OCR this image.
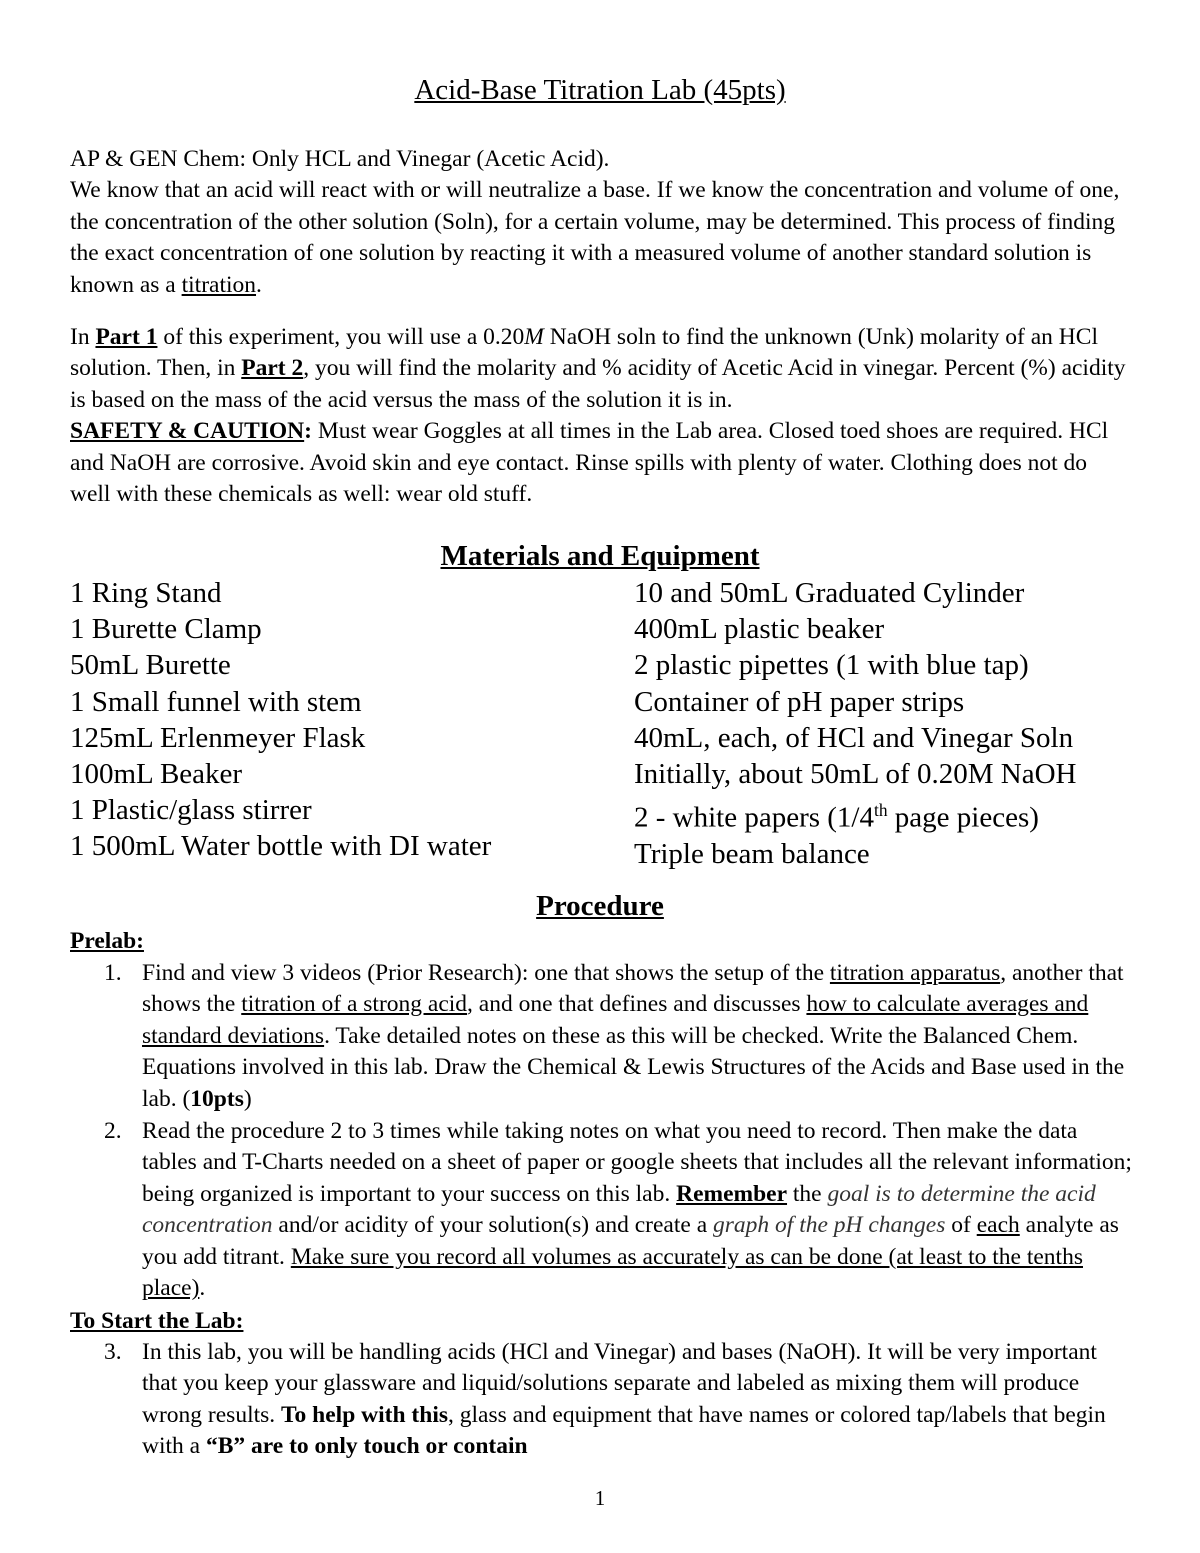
Acid-Base Titration Lab (45pts)

AP & GEN Chem: Only HCL and Vinegar (Acetic Acid).
We know that an acid will react with or will neutralize a base. If we know the concentration and volume of one, the concentration of the other solution (Soln), for a certain volume, may be determined. This process of finding the exact concentration of one solution by reacting it with a measured volume of another standard solution is known as a titration.

In Part 1 of this experiment, you will use a 0.20M NaOH soln to find the unknown (Unk) molarity of an HCl solution. Then, in Part 2, you will find the molarity and % acidity of Acetic Acid in vinegar. Percent (%) acidity is based on the mass of the acid versus the mass of the solution it is in.
SAFETY & CAUTION: Must wear Goggles at all times in the Lab area. Closed toed shoes are required. HCl and NaOH are corrosive. Avoid skin and eye contact. Rinse spills with plenty of water. Clothing does not do well with these chemicals as well: wear old stuff.

Materials and Equipment
1 Ring Stand
1 Burette Clamp
50mL Burette
1 Small funnel with stem
125mL Erlenmeyer Flask
100mL Beaker
1 Plastic/glass stirrer
1 500mL Water bottle with DI water
10 and 50mL Graduated Cylinder
400mL plastic beaker
2 plastic pipettes (1 with blue tap)
Container of pH paper strips
40mL, each, of HCl and Vinegar Soln
Initially, about 50mL of 0.20M NaOH
2 - white papers (1/4th page pieces)
Triple beam balance
Procedure
Prelab:
1. Find and view 3 videos (Prior Research): one that shows the setup of the titration apparatus, another that shows the titration of a strong acid, and one that defines and discusses how to calculate averages and standard deviations. Take detailed notes on these as this will be checked. Write the Balanced Chem. Equations involved in this lab. Draw the Chemical & Lewis Structures of the Acids and Base used in the lab. (10pts)
2. Read the procedure 2 to 3 times while taking notes on what you need to record. Then make the data tables and T-Charts needed on a sheet of paper or google sheets that includes all the relevant information; being organized is important to your success on this lab. Remember the goal is to determine the acid concentration and/or acidity of your solution(s) and create a graph of the pH changes of each analyte as you add titrant. Make sure you record all volumes as accurately as can be done (at least to the tenths place).
To Start the Lab:
3. In this lab, you will be handling acids (HCl and Vinegar) and bases (NaOH). It will be very important that you keep your glassware and liquid/solutions separate and labeled as mixing them will produce wrong results. To help with this, glass and equipment that have names or colored tap/labels that begin with a “B” are to only touch or contain
1
